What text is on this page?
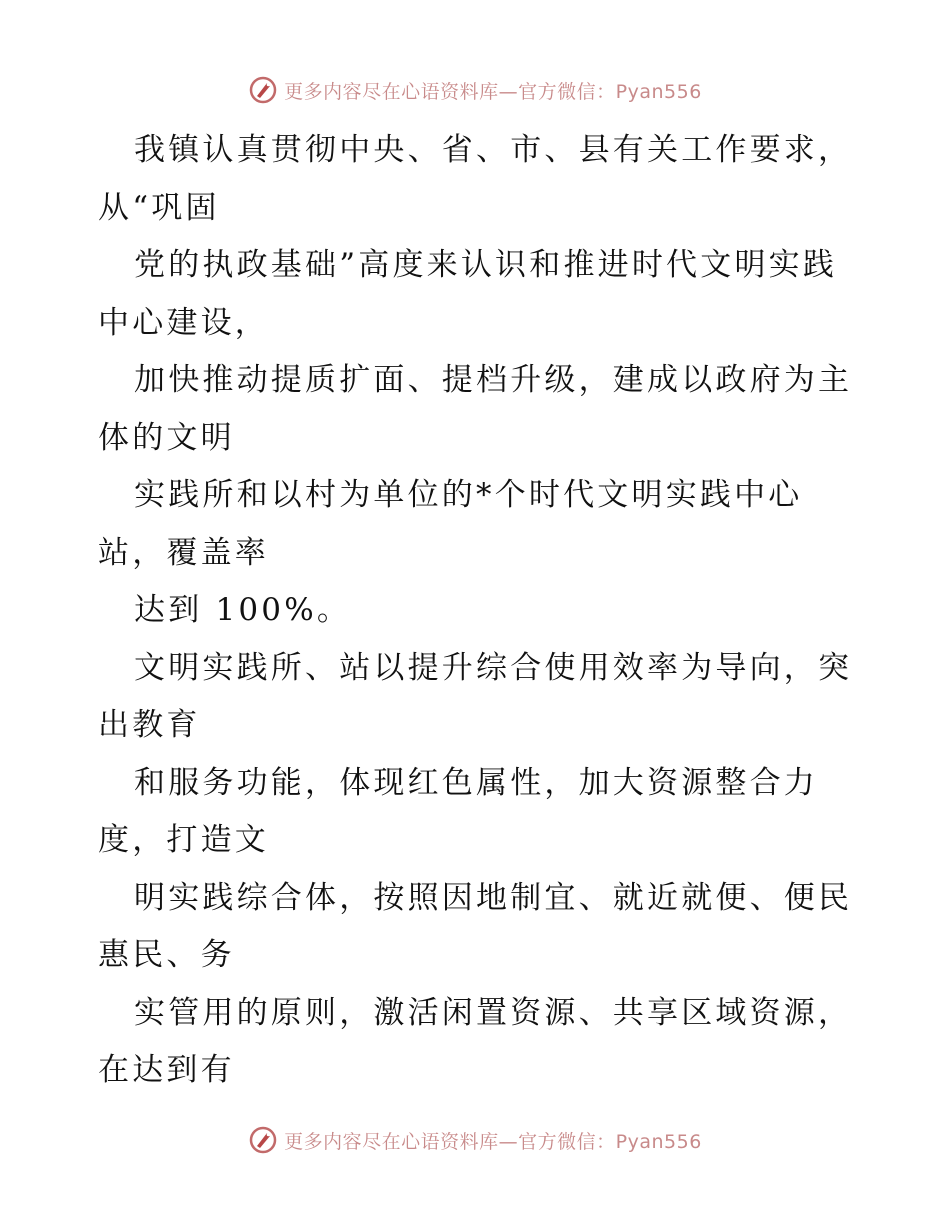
更多内容尽在心语资料库—官方微信：Pyan556
我镇认真贯彻中央、省、市、县有关工作要求，
从“巩固
党的执政基础”高度来认识和推进时代文明实践
中心建设，
加快推动提质扩面、提档升级，建成以政府为主
体的文明
实践所和以村为单位的*个时代文明实践中心
站，覆盖率
达到 100%。
文明实践所、站以提升综合使用效率为导向，突
出教育
和服务功能，体现红色属性，加大资源整合力
度，打造文
明实践综合体，按照因地制宜、就近就便、便民
惠民、务
实管用的原则，激活闲置资源、共享区域资源，
在达到有
更多内容尽在心语资料库—官方微信：Pyan556
